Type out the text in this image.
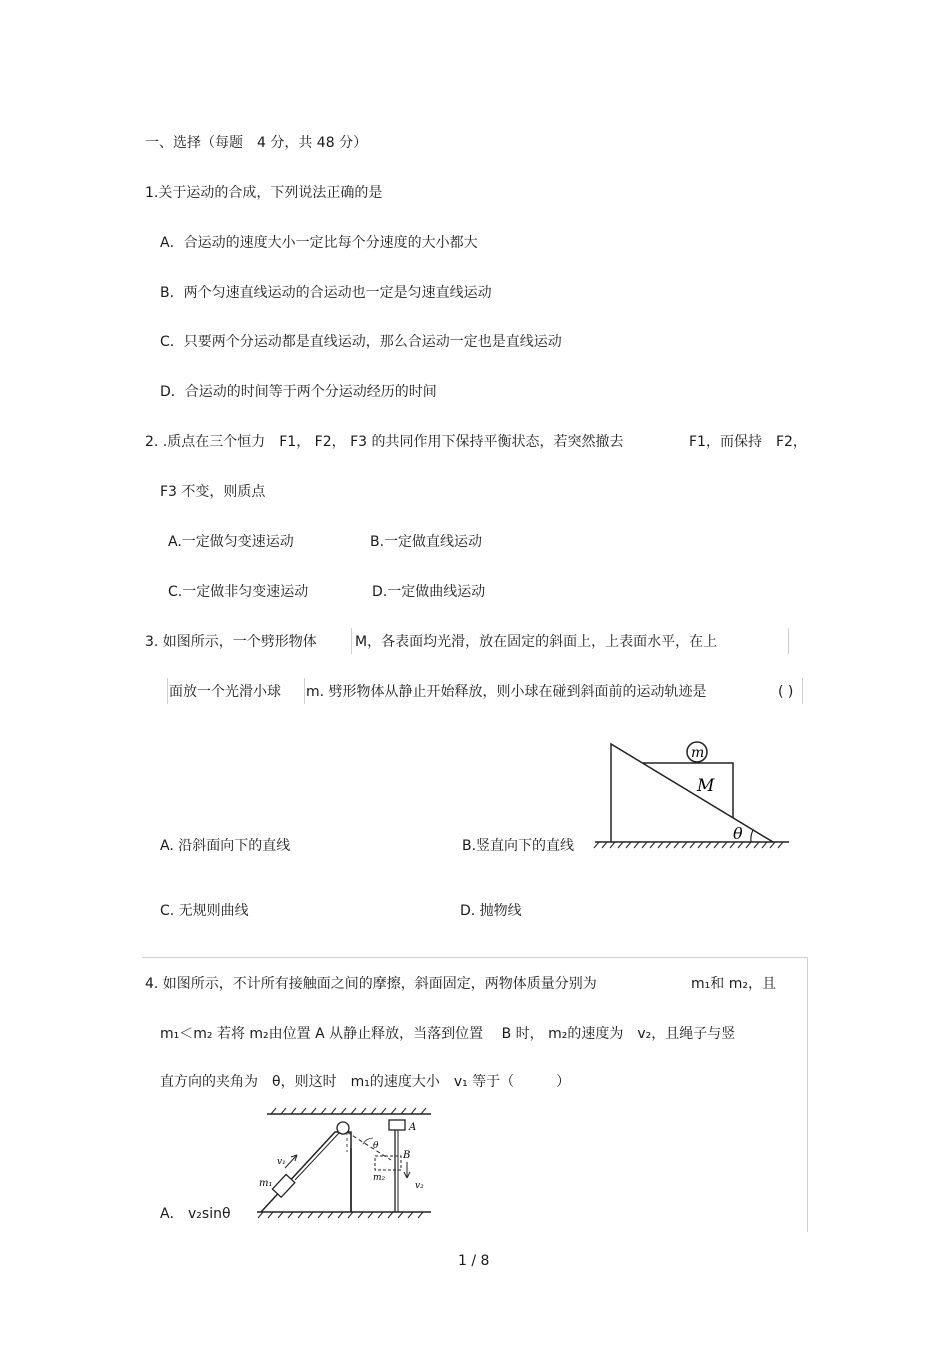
一、选择（每题　4 分，共 48 分）
1.关于运动的合成，下列说法正确的是
A．合运动的速度大小一定比每个分速度的大小都大
B．两个匀速直线运动的合运动也一定是匀速直线运动
C．只要两个分运动都是直线运动，那么合运动一定也是直线运动
D．合运动的时间等于两个分运动经历的时间
2. .质点在三个恒力　F1， F2， F3 的共同作用下保持平衡状态，若突然撤去	F1，而保持　F2，
F3 不变，则质点
A.一定做匀变速运动	B.一定做直线运动
C.一定做非匀变速运动	D.一定做曲线运动
3. 如图所示，一个劈形物体	M，各表面均光滑，放在固定的斜面上，上表面水平，在上
面放一个光滑小球 m. 劈形物体从静止开始释放，则小球在碰到斜面前的运动轨迹是	( )
m
M
θ
A. 沿斜面向下的直线	B.竖直向下的直线
C. 无规则曲线	D. 抛物线
4. 如图所示，不计所有接触面之间的摩擦，斜面固定，两物体质量分别为	m₁和 m₂，且
m₁＜m₂ 若将 m₂由位置 A 从静止释放，当落到位置　 B 时， m₂的速度为　v₂，且绳子与竖
直方向的夹角为　θ，则这时　m₁的速度大小　v₁ 等于（　　　）
v₁
m₁
A
θ
B
m₂
v₂
A． v₂sinθ
1 / 8
